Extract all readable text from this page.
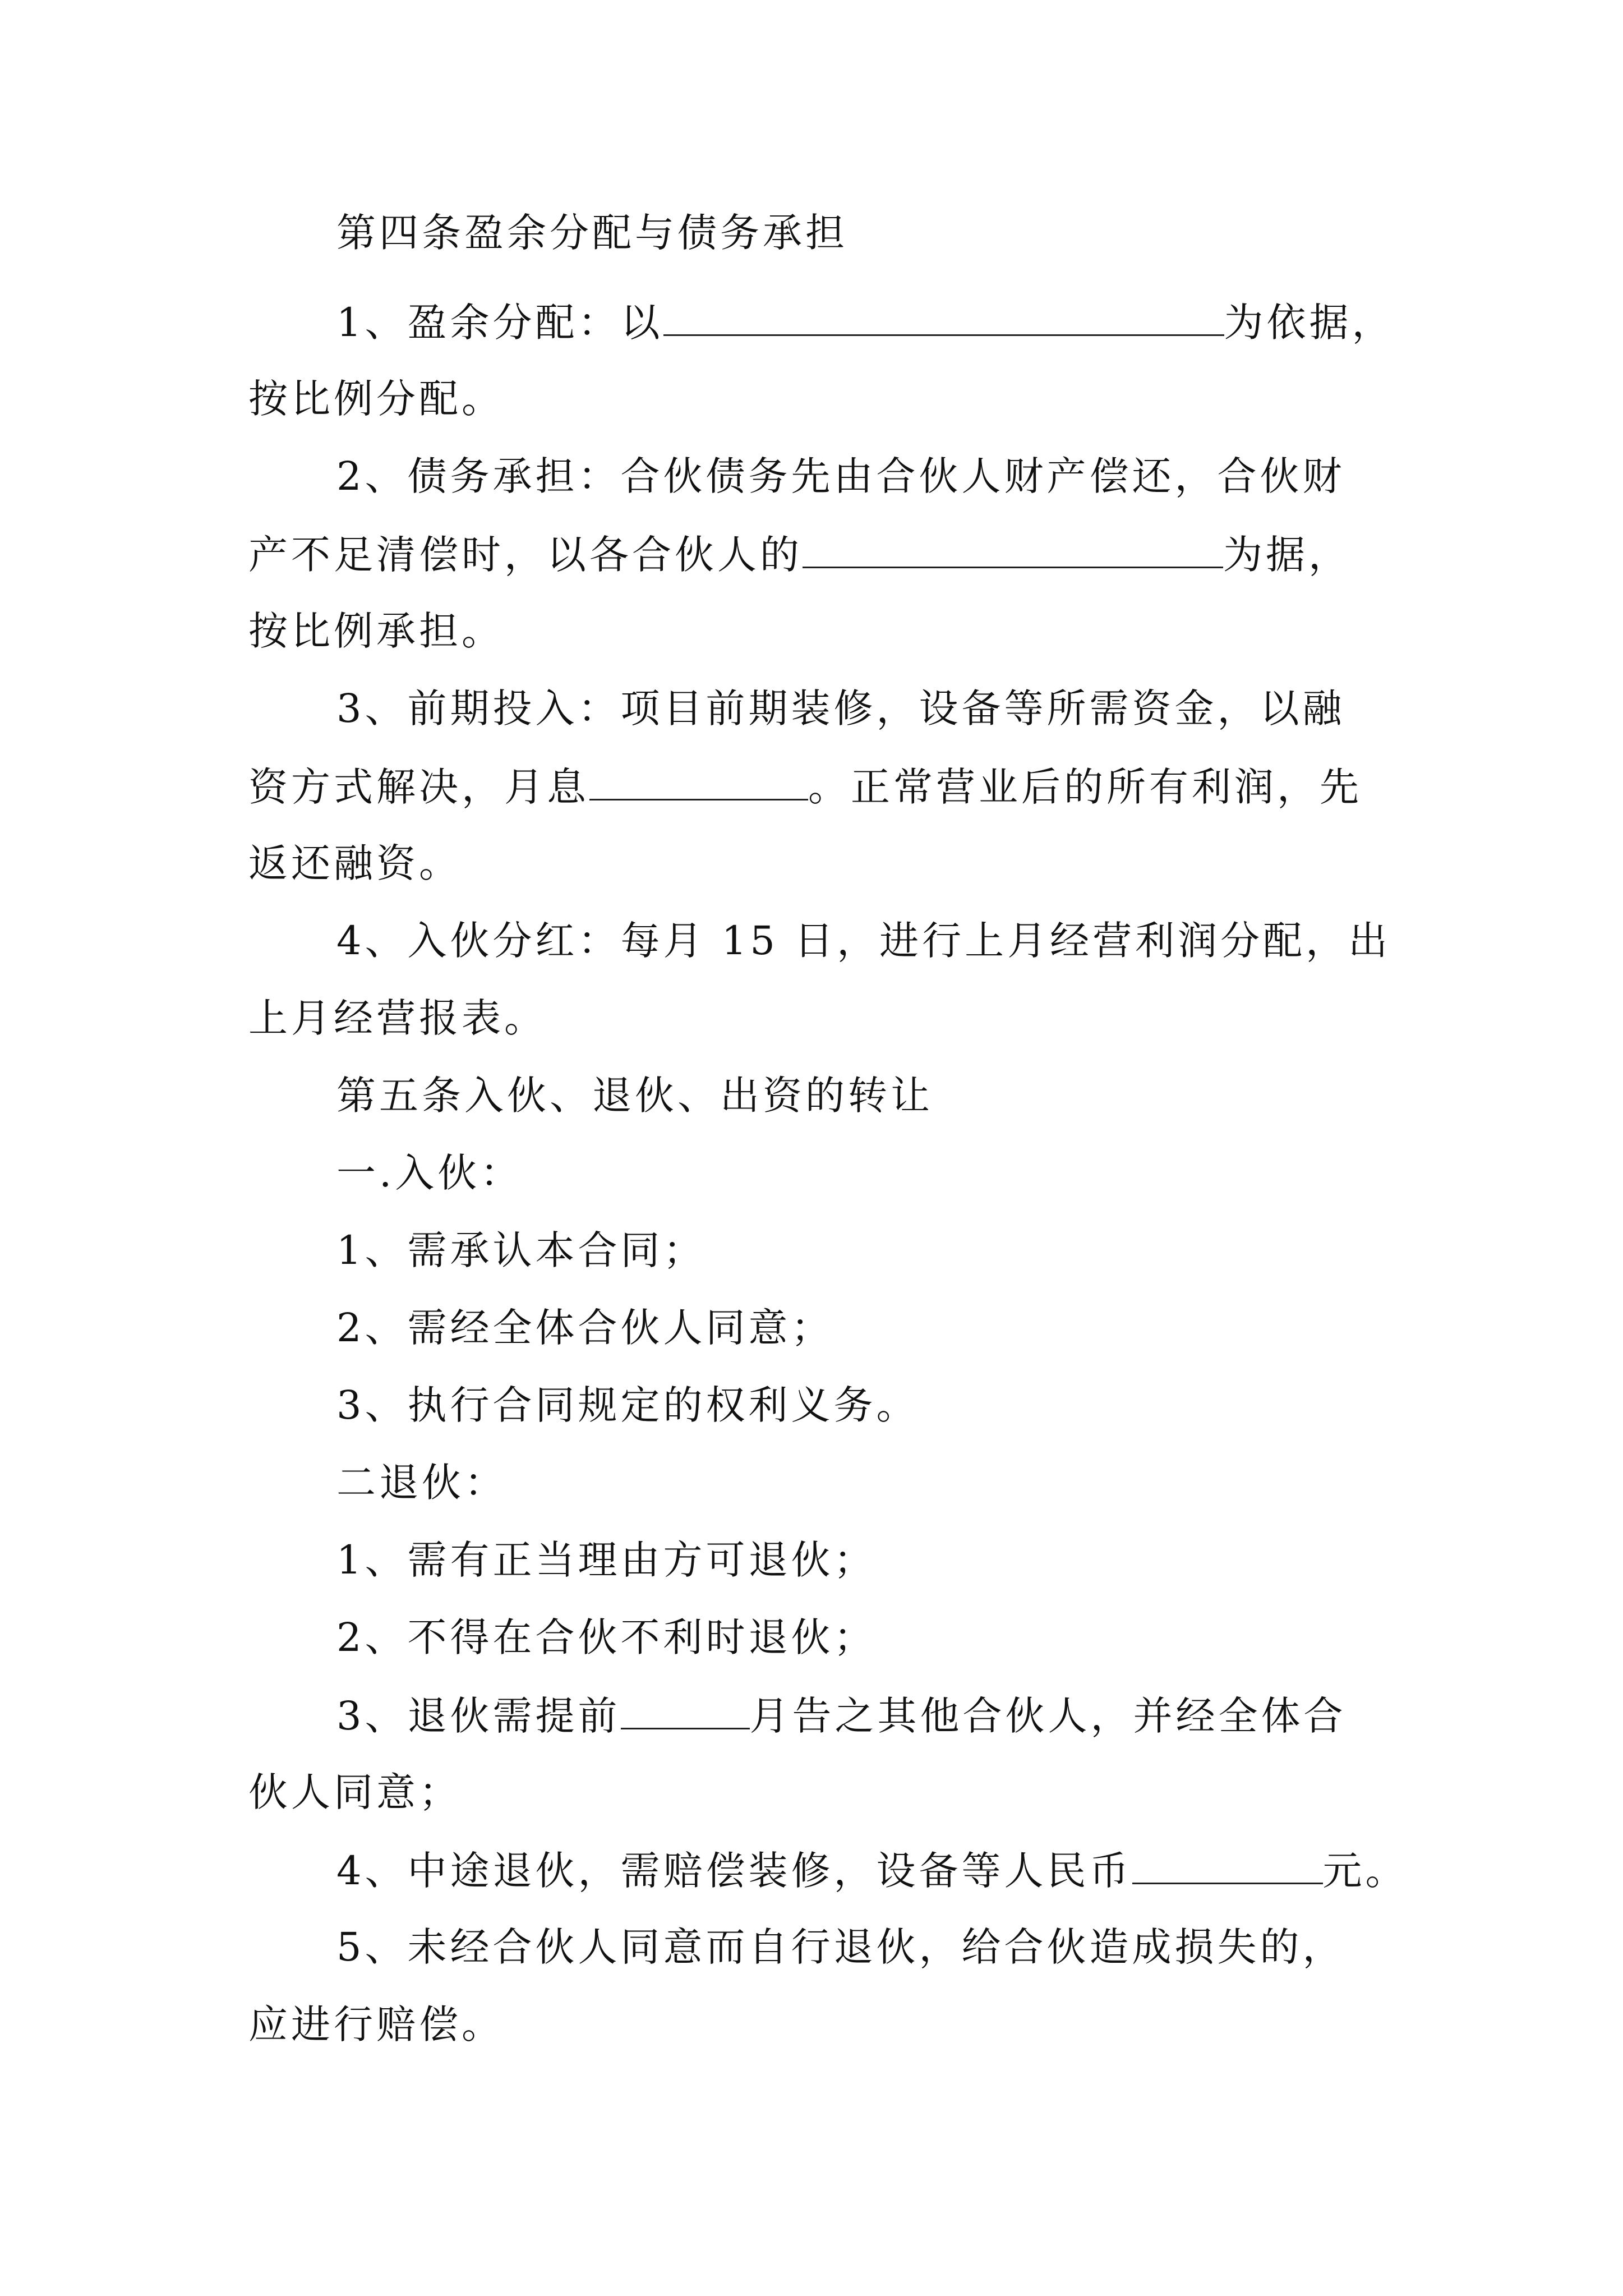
第四条盈余分配与债务承担
1、盈余分配：以	为依据，
按比例分配。
2、债务承担：合伙债务先由合伙人财产偿还，合伙财
产不足清偿时，以各合伙人的	为据，
按比例承担。
3、前期投入：项目前期装修，设备等所需资金，以融
资方式解决，月息	。正常营业后的所有利润，先
返还融资。
4、入伙分红：每月 15 日，进行上月经营利润分配，出
上月经营报表。
第五条入伙、退伙、出资的转让
一.入伙：
1、需承认本合同；
2、需经全体合伙人同意；
3、执行合同规定的权利义务。
二退伙：
1、需有正当理由方可退伙；
2、不得在合伙不利时退伙；
3、退伙需提前	月告之其他合伙人，并经全体合
伙人同意；
4、中途退伙，需赔偿装修，设备等人民币	元。
5、未经合伙人同意而自行退伙，给合伙造成损失的，
应进行赔偿。
